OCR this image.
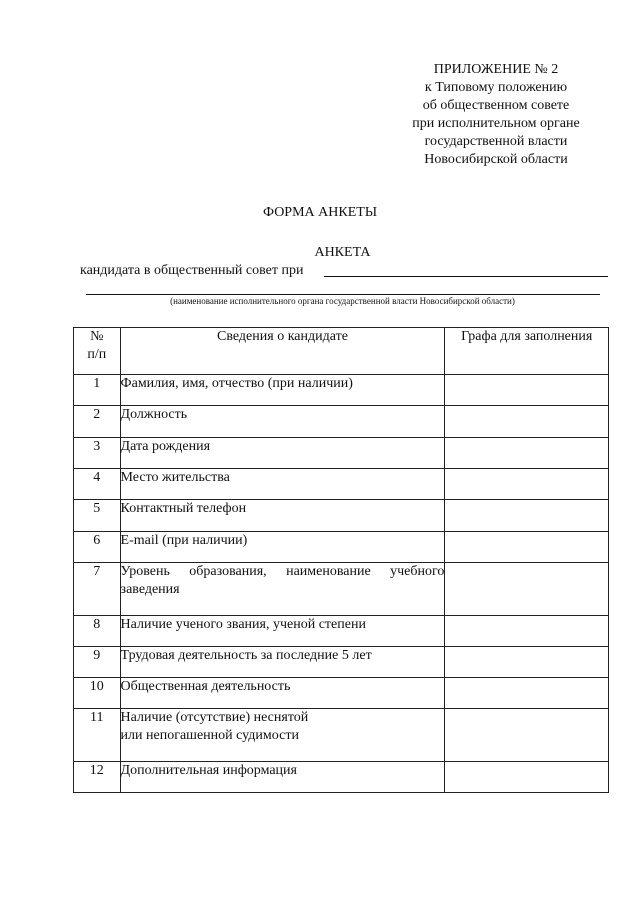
ПРИЛОЖЕНИЕ № 2
к Типовому положению
об общественном совете
при исполнительном органе
государственной власти
Новосибирской области
ФОРМА АНКЕТЫ
АНКЕТА
кандидата в общественный совет при
(наименование исполнительного органа государственной власти Новосибирской области)
№
п/п	Сведения о кандидате	Графа для заполнения
1	Фамилия, имя, отчество (при наличии)	
2	Должность	
3	Дата рождения	
4	Место жительства	
5	Контактный телефон	
6	E-mail (при наличии)	
7	Уровень образования, наименование учебного заведения	
8	Наличие ученого звания, ученой степени	
9	Трудовая деятельность за последние 5 лет	
10	Общественная деятельность	
11	Наличие (отсутствие) неснятой
или непогашенной судимости	

12	Дополнительная информация	
